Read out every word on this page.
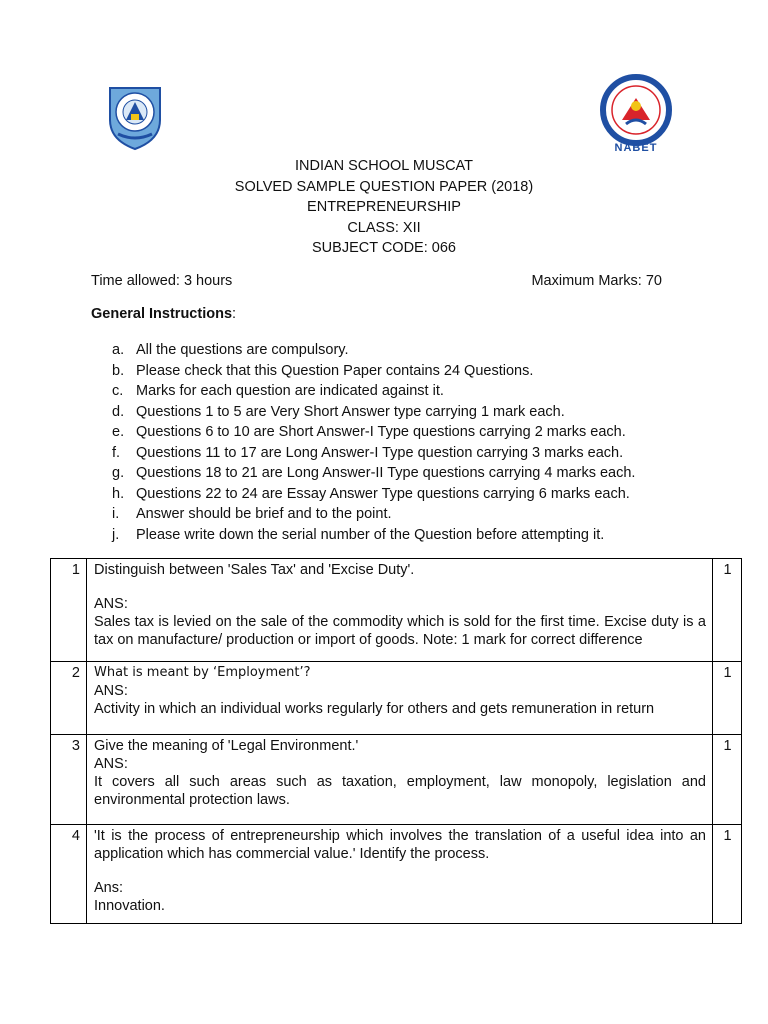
NABET
INDIAN SCHOOL MUSCAT
SOLVED SAMPLE QUESTION PAPER (2018)
ENTREPRENEURSHIP
CLASS: XII
SUBJECT CODE: 066
Time allowed: 3 hours	Maximum Marks: 70
General Instructions:
a. All the questions are compulsory.
b. Please check that this Question Paper contains 24 Questions.
c. Marks for each question are indicated against it.
d. Questions 1 to 5 are Very Short Answer type carrying 1 mark each.
e. Questions 6 to 10 are Short Answer-I Type questions carrying 2 marks each.
f.	Questions 11 to 17 are Long Answer-I Type question carrying 3 marks each.
g. Questions 18 to 21 are Long Answer-II Type questions carrying 4 marks each.
h. Questions 22 to 24 are Essay Answer Type questions carrying 6 marks each.
i.	Answer should be brief and to the point.
j.	Please write down the serial number of the Question before attempting it.
1	Distinguish between 'Sales Tax' and 'Excise Duty'.
ANS:
Sales tax is levied on the sale of the commodity which is sold for the first time. Excise duty is a tax on manufacture/ production or import of goods. Note: 1 mark for correct difference	1
2	What is meant by ‘Employment’?
ANS:
Activity in which an individual works regularly for others and gets remuneration in return	1
3	Give the meaning of 'Legal Environment.'
ANS:
It covers all such areas such as taxation, employment, law monopoly, legislation and environmental protection laws.	1
4	'It is the process of entrepreneurship which involves the translation of a useful idea into an application which has commercial value.' Identify the process.
Ans:
Innovation.	1
